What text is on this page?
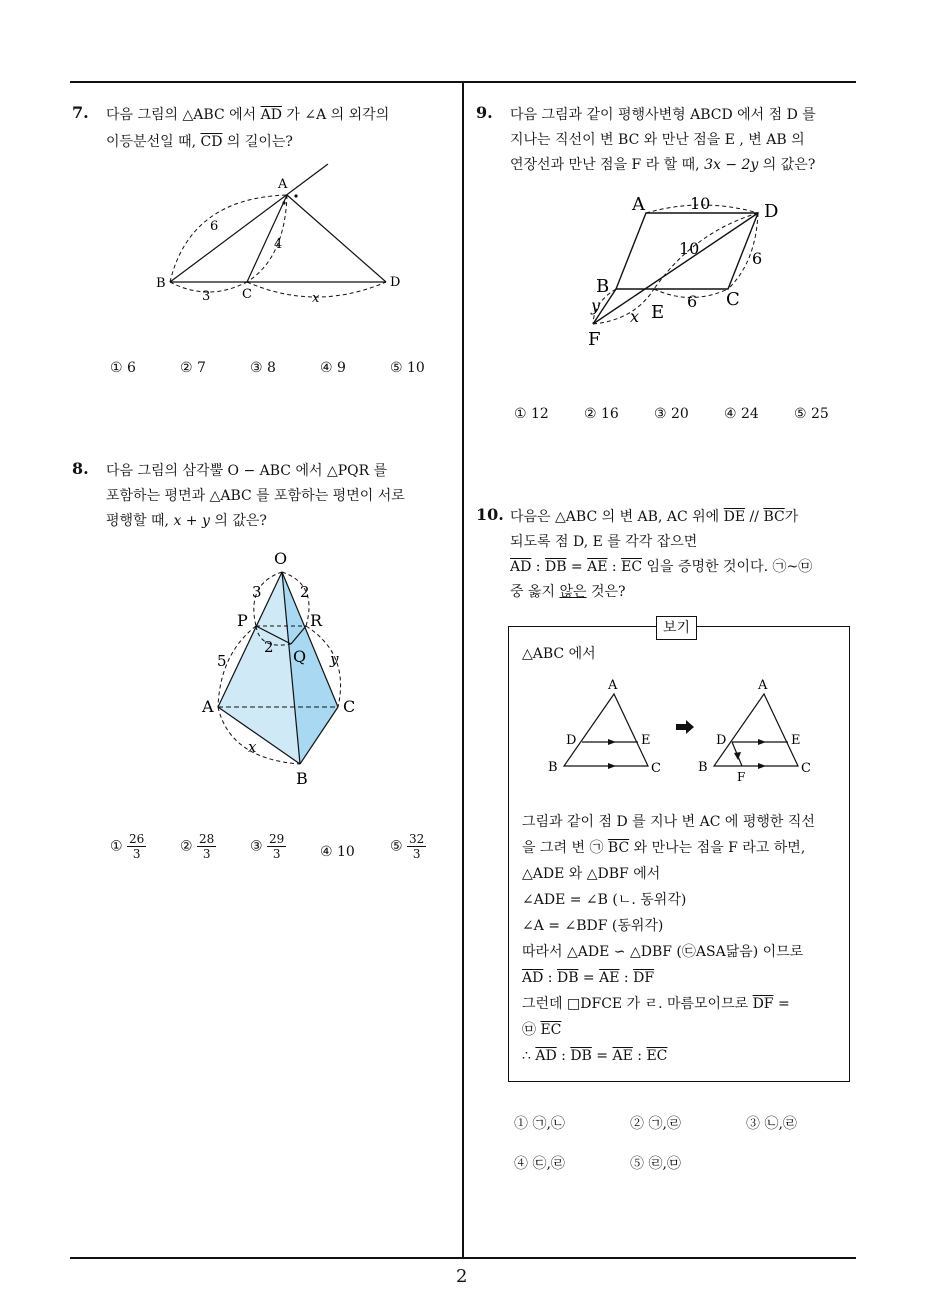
2
7. 다음 그림의 △ABC 에서 $\overline{AD}$ 가 ∠A 의 외각의
이등분선일 때, $\overline{CD}$ 의 길이는?
A
B
C
D
6
4
3	x
① 6	② 7	③ 8	④ 9	⑤ 10
8. 다음 그림의 삼각뿔 O − ABC 에서 △PQR 를
포함하는 평면과 △ABC 를 포함하는 평면이 서로
평행할 때, x + y 의 값은?
O
P
Q
R
A
B
C
3	2
2
5	y
x
① $\frac{26}{3}$ ② $\frac{28}{3}$ ③ $\frac{29}{3}$ ④ 10	⑤ $\frac{32}{3}$
9. 다음 그림과 같이 평행사변형 ABCD 에서 점 D 를
지나는 직선이 변 BC 와 만난 점을 E , 변 AB 의
연장선과 만난 점을 F 라 할 때, 3x − 2y 의 값은?
A	D
B
C
E
F
10
10
6
6
y
x
① 12	② 16	③ 20	④ 24	⑤ 25
10. 다음은 △ABC 의 변 AB, AC 위에 $\overline{DE} // \overline{BC}$가
되도록 점 D, E 를 각각 잡으면
$\overline{AD}$ : $\overline{DB} = \overline{AE}$ : $\overline{EC}$ 임을 증명한 것이다. ㉠~㉤
중 옳지 않은 것은?
보기
△ABC 에서
A
D	E
B	C
A
D	E
B	C
F
그림과 같이 점 D 를 지나 변 AC 에 평행한 직선
을 그려 변 ㉠ $\overline{BC}$ 와 만나는 점을 F 라고 하면,
△ADE 와 △DBF 에서
∠ADE = ∠B (ㄴ. 동위각)
∠A = ∠BDF (동위각)
따라서 △ADE ∽ △DBF (㉢ASA닮음) 이므로
$\overline{AD}$ : $\overline{DB} = \overline{AE}$ : $\overline{DF}$
그런데 □DFCE 가 ㄹ. 마름모이므로 $\overline{DF}$ =
㉤ $\overline{EC}$
∴ $\overline{AD}$ : $\overline{DB} = \overline{AE}$ : $\overline{EC}$
① ㉠,㉡	② ㉠,㉣	③ ㉡,㉣
④ ㉢,㉣	⑤ ㉣,㉤
